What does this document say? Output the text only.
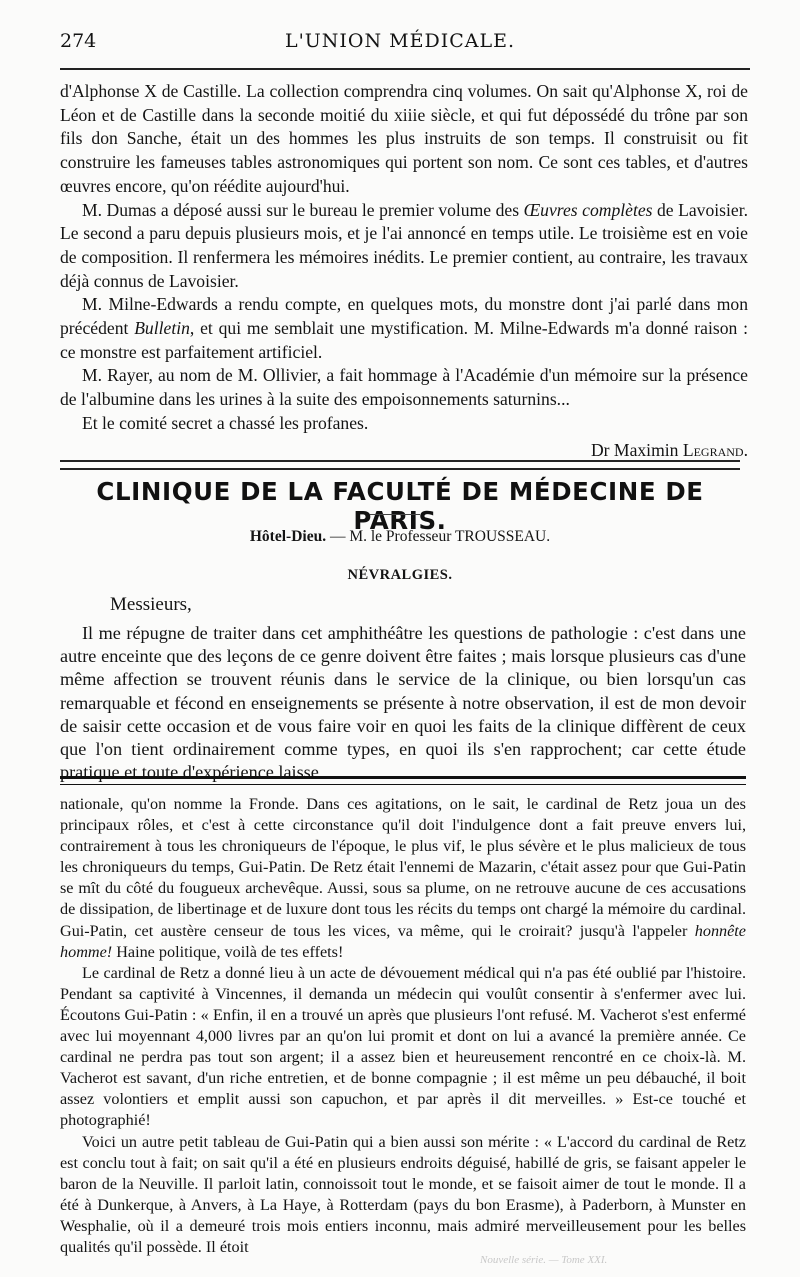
274	L'UNION MÉDICALE.

d'Alphonse X de Castille. La collection comprendra cinq volumes. On sait qu'Alphonse X, roi de Léon et de Castille dans la seconde moitié du xiiie siècle, et qui fut dépossédé du trône par son fils don Sanche, était un des hommes les plus instruits de son temps. Il construisit ou fit construire les fameuses tables astronomiques qui portent son nom. Ce sont ces tables, et d'autres œuvres encore, qu'on réédite aujourd'hui.

M. Dumas a déposé aussi sur le bureau le premier volume des Œuvres complètes de Lavoisier. Le second a paru depuis plusieurs mois, et je l'ai annoncé en temps utile. Le troisième est en voie de composition. Il renfermera les mémoires inédits. Le premier contient, au contraire, les travaux déjà connus de Lavoisier.

M. Milne-Edwards a rendu compte, en quelques mots, du monstre dont j'ai parlé dans mon précédent Bulletin, et qui me semblait une mystification. M. Milne-Edwards m'a donné raison : ce monstre est parfaitement artificiel.

M. Rayer, au nom de M. Ollivier, a fait hommage à l'Académie d'un mémoire sur la présence de l'albumine dans les urines à la suite des empoisonnements saturnins...

Et le comité secret a chassé les profanes.

Dr Maximin Legrand.
CLINIQUE DE LA FACULTÉ DE MÉDECINE DE PARIS.
Hôtel-Dieu. — M. le Professeur TROUSSEAU.
NÉVRALGIES.
Messieurs,

Il me répugne de traiter dans cet amphithéâtre les questions de pathologie : c'est dans une autre enceinte que des leçons de ce genre doivent être faites ; mais lorsque plusieurs cas d'une même affection se trouvent réunis dans le service de la clinique, ou bien lorsqu'un cas remarquable et fécond en enseignements se présente à notre observation, il est de mon devoir de saisir cette occasion et de vous faire voir en quoi les faits de la clinique diffèrent de ceux que l'on tient ordinairement comme types, en quoi ils s'en rapprochent; car cette étude pratique et toute d'expérience laisse

nationale, qu'on nomme la Fronde. Dans ces agitations, on le sait, le cardinal de Retz joua un des principaux rôles, et c'est à cette circonstance qu'il doit l'indulgence dont a fait preuve envers lui, contrairement à tous les chroniqueurs de l'époque, le plus vif, le plus sévère et le plus malicieux de tous les chroniqueurs du temps, Gui-Patin. De Retz était l'ennemi de Mazarin, c'était assez pour que Gui-Patin se mît du côté du fougueux archevêque. Aussi, sous sa plume, on ne retrouve aucune de ces accusations de dissipation, de libertinage et de luxure dont tous les récits du temps ont chargé la mémoire du cardinal. Gui-Patin, cet austère censeur de tous les vices, va même, qui le croirait? jusqu'à l'appeler honnête homme! Haine politique, voilà de tes effets!

Le cardinal de Retz a donné lieu à un acte de dévouement médical qui n'a pas été oublié par l'histoire. Pendant sa captivité à Vincennes, il demanda un médecin qui voulût consentir à s'enfermer avec lui. Écoutons Gui-Patin : « Enfin, il en a trouvé un après que plusieurs l'ont refusé. M. Vacherot s'est enfermé avec lui moyennant 4,000 livres par an qu'on lui promit et dont on lui a avancé la première année. Ce cardinal ne perdra pas tout son argent; il a assez bien et heureusement rencontré en ce choix-là. M. Vacherot est savant, d'un riche entretien, et de bonne compagnie ; il est même un peu débauché, il boit assez volontiers et emplit aussi son capuchon, et par après il dit merveilles. » Est-ce touché et photographié!

Voici un autre petit tableau de Gui-Patin qui a bien aussi son mérite : « L'accord du cardinal de Retz est conclu tout à fait; on sait qu'il a été en plusieurs endroits déguisé, habillé de gris, se faisant appeler le baron de la Neuville. Il parloit latin, connoissoit tout le monde, et se faisoit aimer de tout le monde. Il a été à Dunkerque, à Anvers, à La Haye, à Rotterdam (pays du bon Erasme), à Paderborn, à Munster en Wesphalie, où il a demeuré trois mois entiers inconnu, mais admiré merveilleusement pour les belles qualités qu'il possède. Il étoit

Nouvelle série. — Tome XXI.
